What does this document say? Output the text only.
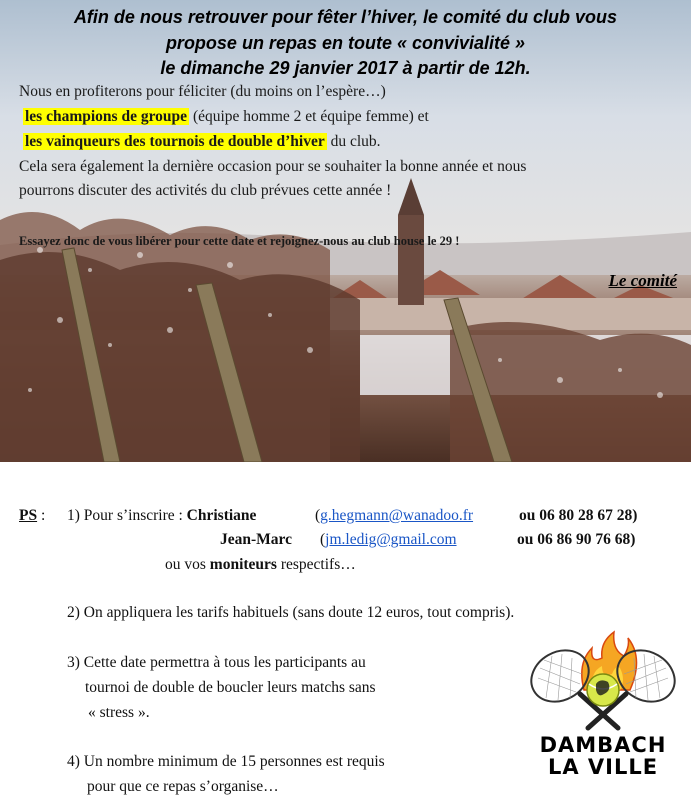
Afin de nous retrouver pour fêter l’hiver, le comité du club vous
propose un repas en toute « convivialité »
le dimanche 29 janvier 2017 à partir de 12h.
Nous en profiterons pour féliciter (du moins on l’espère…)
les champions de groupe (équipe homme 2 et équipe femme) et
les vainqueurs des tournois de double d’hiver du club.
Cela sera également la dernière occasion pour se souhaiter la bonne année et nous
pourrons discuter des activités du club prévues cette année !
Essayez donc de vous libérer pour cette date et rejoignez-nous au club house le 29 !
Le comité
PS : 1) Pour s’inscrire : Christiane	(g.hegmann@wanadoo.fr	ou 06 80 28 67 28)
Jean-Marc (jm.ledig@gmail.com	ou 06 86 90 76 68)
ou vos moniteurs respectifs…
2) On appliquera les tarifs habituels (sans doute 12 euros, tout compris).
3) Cette date permettra à tous les participants au
tournoi de double de boucler leurs matchs sans
« stress ».
4) Un nombre minimum de 15 personnes est requis
pour que ce repas s’organise…
DAMBACH
LA VILLE
